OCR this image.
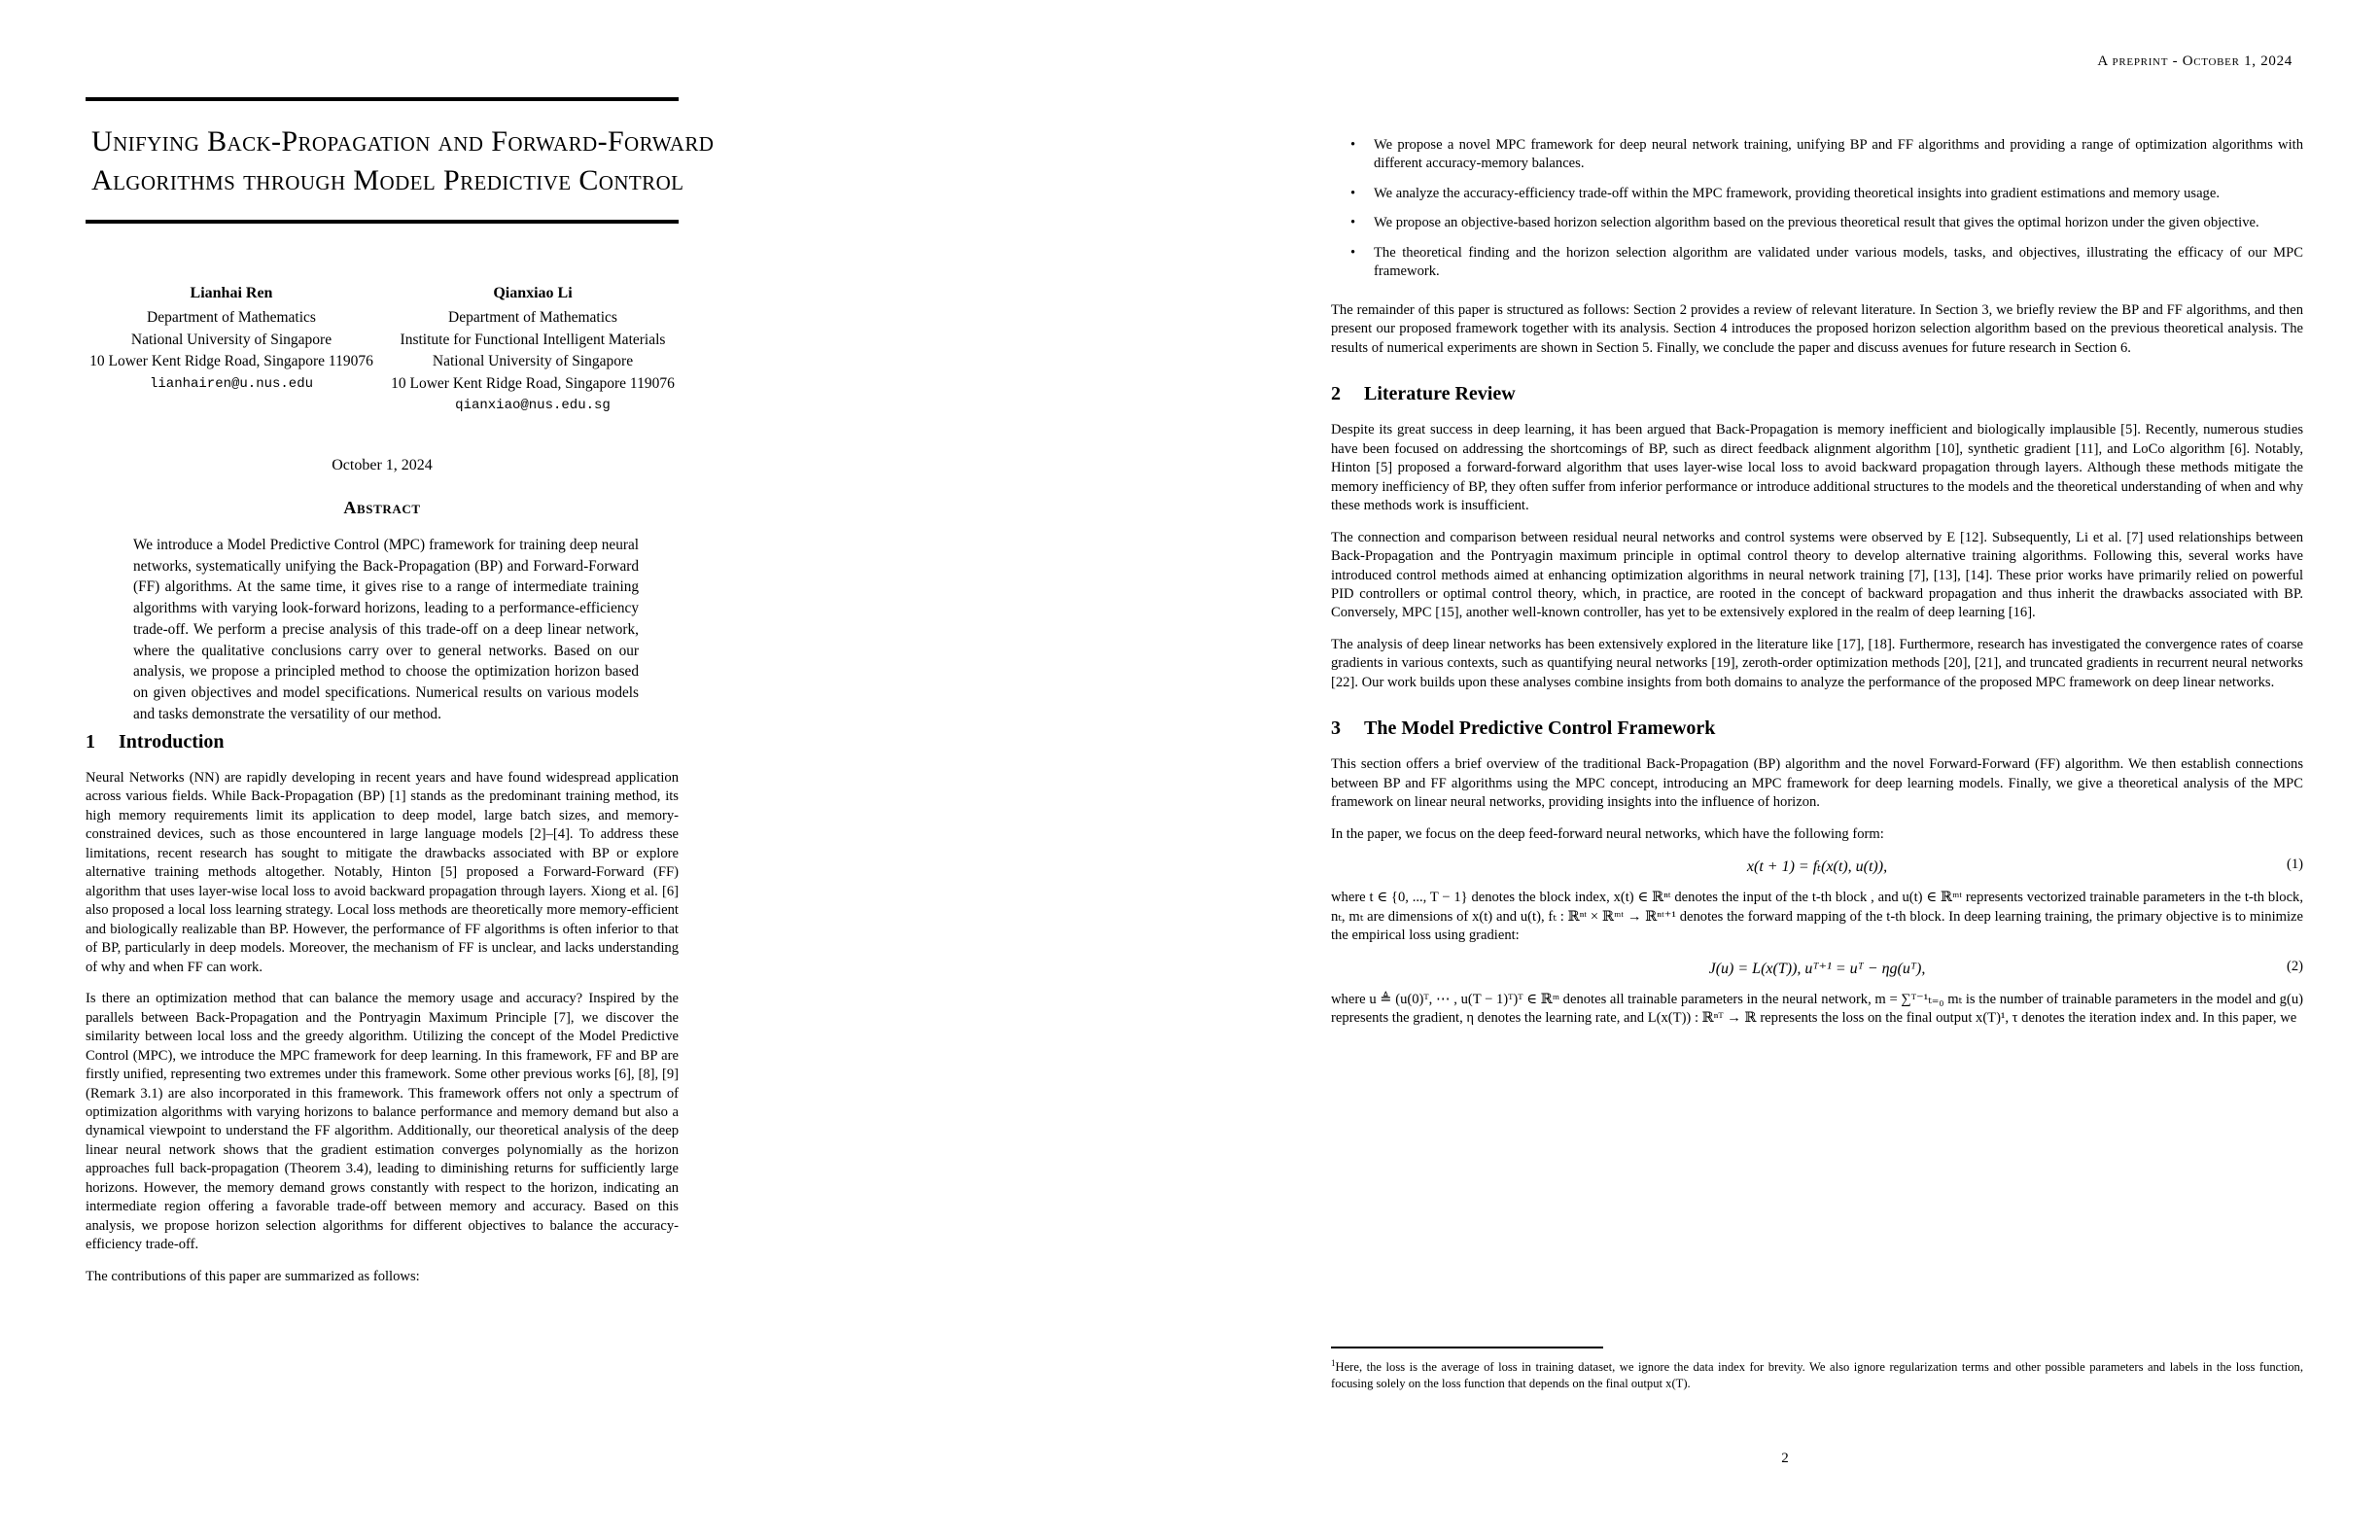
Unifying Back-Propagation and Forward-Forward
Algorithms through Model Predictive Control
Lianhai Ren
Department of Mathematics
National University of Singapore
10 Lower Kent Ridge Road, Singapore 119076
lianhairen@u.nus.edu
Qianxiao Li
Department of Mathematics
Institute for Functional Intelligent Materials
National University of Singapore
10 Lower Kent Ridge Road, Singapore 119076
qianxiao@nus.edu.sg
October 1, 2024
Abstract
We introduce a Model Predictive Control (MPC) framework for training deep neural networks, systematically unifying the Back-Propagation (BP) and Forward-Forward (FF) algorithms. At the same time, it gives rise to a range of intermediate training algorithms with varying look-forward horizons, leading to a performance-efficiency trade-off. We perform a precise analysis of this trade-off on a deep linear network, where the qualitative conclusions carry over to general networks. Based on our analysis, we propose a principled method to choose the optimization horizon based on given objectives and model specifications. Numerical results on various models and tasks demonstrate the versatility of our method.
1 Introduction

Neural Networks (NN) are rapidly developing in recent years and have found widespread application across various fields. While Back-Propagation (BP) [1] stands as the predominant training method, its high memory requirements limit its application to deep model, large batch sizes, and memory-constrained devices, such as those encountered in large language models [2]–[4]. To address these limitations, recent research has sought to mitigate the drawbacks associated with BP or explore alternative training methods altogether. Notably, Hinton [5] proposed a Forward-Forward (FF) algorithm that uses layer-wise local loss to avoid backward propagation through layers. Xiong et al. [6] also proposed a local loss learning strategy. Local loss methods are theoretically more memory-efficient and biologically realizable than BP. However, the performance of FF algorithms is often inferior to that of BP, particularly in deep models. Moreover, the mechanism of FF is unclear, and lacks understanding of why and when FF can work.

Is there an optimization method that can balance the memory usage and accuracy? Inspired by the parallels between Back-Propagation and the Pontryagin Maximum Principle [7], we discover the similarity between local loss and the greedy algorithm. Utilizing the concept of the Model Predictive Control (MPC), we introduce the MPC framework for deep learning. In this framework, FF and BP are firstly unified, representing two extremes under this framework. Some other previous works [6], [8], [9] (Remark 3.1) are also incorporated in this framework. This framework offers not only a spectrum of optimization algorithms with varying horizons to balance performance and memory demand but also a dynamical viewpoint to understand the FF algorithm. Additionally, our theoretical analysis of the deep linear neural network shows that the gradient estimation converges polynomially as the horizon approaches full back-propagation (Theorem 3.4), leading to diminishing returns for sufficiently large horizons. However, the memory demand grows constantly with respect to the horizon, indicating an intermediate region offering a favorable trade-off between memory and accuracy. Based on this analysis, we propose horizon selection algorithms for different objectives to balance the accuracy-efficiency trade-off.

The contributions of this paper are summarized as follows:

A preprint - October 1, 2024
• We propose a novel MPC framework for deep neural network training, unifying BP and FF algorithms and providing a range of optimization algorithms with different accuracy-memory balances.
• We analyze the accuracy-efficiency trade-off within the MPC framework, providing theoretical insights into gradient estimations and memory usage.
• We propose an objective-based horizon selection algorithm based on the previous theoretical result that gives the optimal horizon under the given objective.
• The theoretical finding and the horizon selection algorithm are validated under various models, tasks, and objectives, illustrating the efficacy of our MPC framework.

The remainder of this paper is structured as follows: Section 2 provides a review of relevant literature. In Section 3, we briefly review the BP and FF algorithms, and then present our proposed framework together with its analysis. Section 4 introduces the proposed horizon selection algorithm based on the previous theoretical analysis. The results of numerical experiments are shown in Section 5. Finally, we conclude the paper and discuss avenues for future research in Section 6.

2 Literature Review

Despite its great success in deep learning, it has been argued that Back-Propagation is memory inefficient and biologically implausible [5]. Recently, numerous studies have been focused on addressing the shortcomings of BP, such as direct feedback alignment algorithm [10], synthetic gradient [11], and LoCo algorithm [6]. Notably, Hinton [5] proposed a forward-forward algorithm that uses layer-wise local loss to avoid backward propagation through layers. Although these methods mitigate the memory inefficiency of BP, they often suffer from inferior performance or introduce additional structures to the models and the theoretical understanding of when and why these methods work is insufficient.

The connection and comparison between residual neural networks and control systems were observed by E [12]. Subsequently, Li et al. [7] used relationships between Back-Propagation and the Pontryagin maximum principle in optimal control theory to develop alternative training algorithms. Following this, several works have introduced control methods aimed at enhancing optimization algorithms in neural network training [7], [13], [14]. These prior works have primarily relied on powerful PID controllers or optimal control theory, which, in practice, are rooted in the concept of backward propagation and thus inherit the drawbacks associated with BP. Conversely, MPC [15], another well-known controller, has yet to be extensively explored in the realm of deep learning [16].

The analysis of deep linear networks has been extensively explored in the literature like [17], [18]. Furthermore, research has investigated the convergence rates of coarse gradients in various contexts, such as quantifying neural networks [19], zeroth-order optimization methods [20], [21], and truncated gradients in recurrent neural networks [22]. Our work builds upon these analyses combine insights from both domains to analyze the performance of the proposed MPC framework on deep linear networks.

3 The Model Predictive Control Framework

This section offers a brief overview of the traditional Back-Propagation (BP) algorithm and the novel Forward-Forward (FF) algorithm. We then establish connections between BP and FF algorithms using the MPC concept, introducing an MPC framework for deep learning models. Finally, we give a theoretical analysis of the MPC framework on linear neural networks, providing insights into the influence of horizon.

In the paper, we focus on the deep feed-forward neural networks, which have the following form:

x(t + 1) = fₜ(x(t), u(t)),	(1)

where t ∈ {0, ..., T − 1} denotes the block index, x(t) ∈ ℝⁿᵗ denotes the input of the t-th block , and u(t) ∈ ℝᵐᵗ represents vectorized trainable parameters in the t-th block, nₜ, mₜ are dimensions of x(t) and u(t), fₜ : ℝⁿᵗ × ℝᵐᵗ → ℝⁿᵗ⁺¹ denotes the forward mapping of the t-th block. In deep learning training, the primary objective is to minimize the empirical loss using gradient:

J(u) = L(x(T)), uᵀ⁺¹ = uᵀ − ηg(uᵀ),	(2)

where u ≜ (u(0)ᵀ, ⋯ , u(T − 1)ᵀ)ᵀ ∈ ℝᵐ denotes all trainable parameters in the neural network, m = ∑ᵀ⁻¹ₜ₌₀ mₜ is the number of trainable parameters in the model and g(u) represents the gradient, η denotes the learning rate, and L(x(T)) : ℝⁿᵀ → ℝ represents the loss on the final output x(T)¹, τ denotes the iteration index and. In this paper, we

$^1$Here, the loss is the average of loss in training dataset, we ignore the data index for brevity. We also ignore regularization terms and other possible parameters and labels in the loss function, focusing solely on the loss function that depends on the final output x(T).
2
